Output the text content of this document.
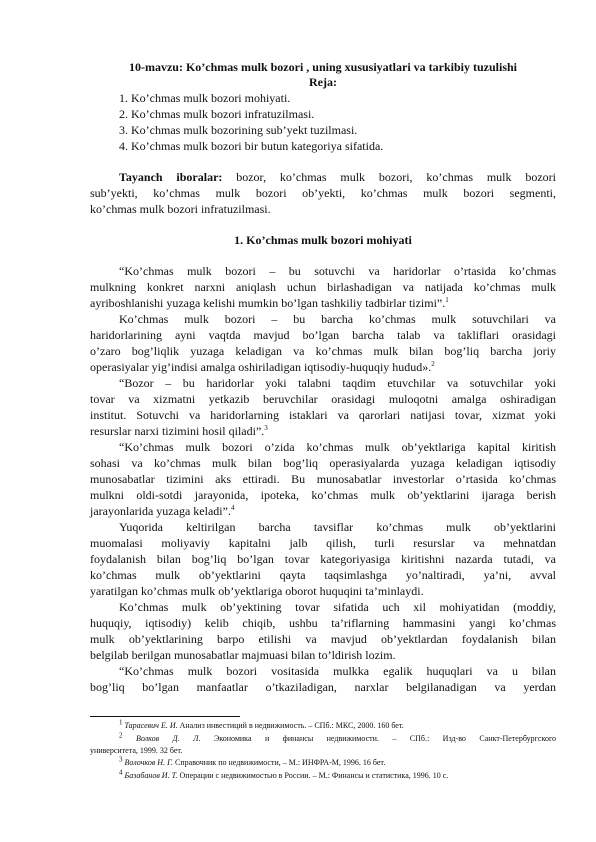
10-mavzu: Ko’chmas mulk bozori , uning xususiyatlari va tarkibiy tuzulishi
Reja:
1. Ko’chmas mulk bozori mohiyati.
2. Ko’chmas mulk bozori infratuzilmasi.
3. Ko’chmas mulk bozorining sub’yekt tuzilmasi.
4. Ko’chmas mulk bozori bir butun kategoriya sifatida.
Tayanch iboralar: bozor, ko’chmas mulk bozori, ko’chmas mulk bozori
sub’yekti, ko’chmas mulk bozori ob’yekti, ko’chmas mulk bozori segmenti,
ko’chmas mulk bozori infratuzilmasi.
1. Ko’chmas mulk bozori mohiyati
“Ko’chmas mulk bozori – bu sotuvchi va haridorlar o’rtasida ko’chmas
mulkning konkret narxni aniqlash uchun birlashadigan va natijada ko’chmas mulk
ayriboshlanishi yuzaga kelishi mumkin bo’lgan tashkiliy tadbirlar tizimi”.$^1$
Ko’chmas mulk bozori – bu barcha ko’chmas mulk sotuvchilari va
haridorlarining ayni vaqtda mavjud bo’lgan barcha talab va takliflari orasidagi
o’zaro bog’liqlik yuzaga keladigan va ko’chmas mulk bilan bog’liq barcha joriy
operasiyalar yig’indisi amalga oshiriladigan iqtisodiy-huquqiy hudud».$^2$
“Bozor – bu haridorlar yoki talabni taqdim etuvchilar va sotuvchilar yoki
tovar va xizmatni yetkazib beruvchilar orasidagi muloqotni amalga oshiradigan
institut. Sotuvchi va haridorlarning istaklari va qarorlari natijasi tovar, xizmat yoki
resurslar narxi tizimini hosil qiladi”.$^3$
“Ko’chmas mulk bozori o’zida ko’chmas mulk ob’yektlariga kapital kiritish
sohasi va ko’chmas mulk bilan bog’liq operasiyalarda yuzaga keladigan iqtisodiy
munosabatlar tizimini aks ettiradi. Bu munosabatlar investorlar o’rtasida ko’chmas
mulkni oldi-sotdi jarayonida, ipoteka, ko’chmas mulk ob’yektlarini ijaraga berish
jarayonlarida yuzaga keladi”.$^4$
Yuqorida keltirilgan barcha tavsiflar ko’chmas mulk ob’yektlarini
muomalasi moliyaviy kapitalni jalb qilish, turli resurslar va mehnatdan
foydalanish bilan bog’liq bo’lgan tovar kategoriyasiga kiritishni nazarda tutadi, va
ko’chmas mulk ob’yektlarini qayta taqsimlashga yo’naltiradi, ya’ni, avval
yaratilgan ko’chmas mulk ob’yektlariga oborot huquqini ta’minlaydi.
Ko’chmas mulk ob’yektining tovar sifatida uch xil mohiyatidan (moddiy,
huquqiy, iqtisodiy) kelib chiqib, ushbu ta’riflarning hammasini yangi ko’chmas
mulk ob’yektlarining barpo etilishi va mavjud ob’yektlardan foydalanish bilan
belgilab berilgan munosabatlar majmuasi bilan to’ldirish lozim.
“Ko’chmas mulk bozori vositasida mulkka egalik huquqlari va u bilan
bog’liq bo’lgan manfaatlar o’tkaziladigan, narxlar belgilanadigan va yerdan
$^1$ Тарасевич Е. И. Анализ инвестиций в недвижимость. – СПб.: МКС, 2000. 160 бет.
$^2$ Волков Д. Л. Экономика и финансы недвижимости. – СПб.: Изд-во Санкт-Петербургского
университета, 1999. 32 бет.
$^3$ Волочков Н. Г. Справочник по недвижимости, – М.: ИНФРА-М, 1996. 16 бет.
$^4$ Базабанов И. Т. Операции с недвижимостью в России. – М.: Финансы и статистика, 1996. 10 с.
